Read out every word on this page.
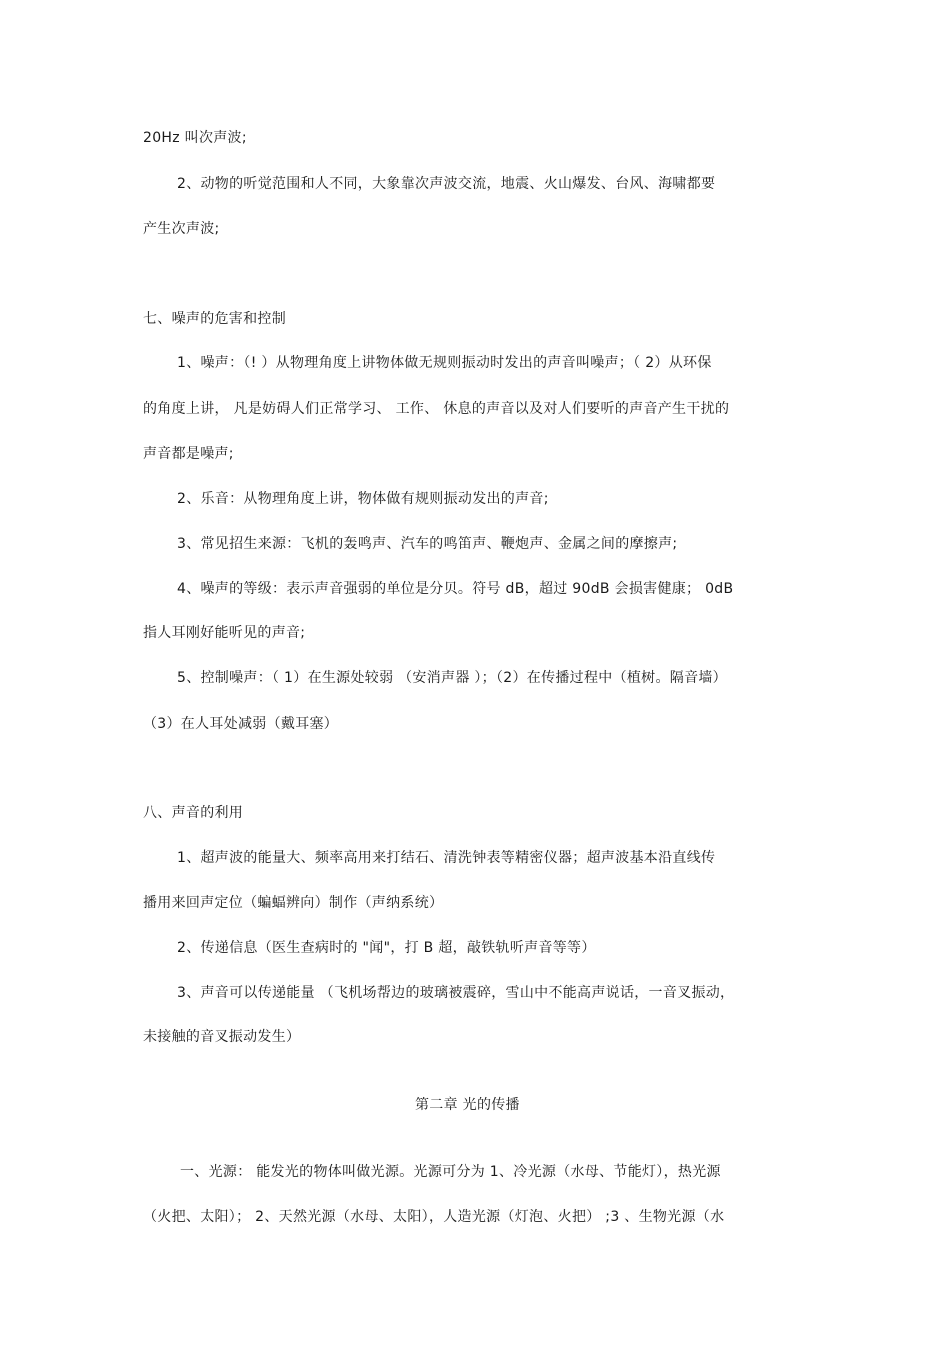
20Hz 叫次声波;
2、动物的听觉范围和人不同，大象靠次声波交流，地震、火山爆发、台风、海啸都要
产生次声波;
七、噪声的危害和控制
1、噪声：（! ）从物理角度上讲物体做无规则振动时发出的声音叫噪声；（ 2）从环保
的角度上讲， 凡是妨碍人们正常学习、 工作、 休息的声音以及对人们要听的声音产生干扰的
声音都是噪声;
2、乐音：从物理角度上讲，物体做有规则振动发出的声音;
3、常见招生来源：飞机的轰鸣声、汽车的鸣笛声、鞭炮声、金属之间的摩擦声;
4、噪声的等级：表示声音强弱的单位是分贝。符号 dB，超过 90dB 会损害健康； 0dB
指人耳刚好能听见的声音;
5、控制噪声：（ 1）在生源处较弱 （安消声器 ）；（2）在传播过程中（植树。隔音墙）
（3）在人耳处减弱（戴耳塞）
八、声音的利用
1、超声波的能量大、频率高用来打结石、清洗钟表等精密仪器；超声波基本沿直线传
播用来回声定位（蝙蝠辨向）制作（声纳系统）
2、传递信息（医生查病时的 "闻"，打 B 超，敲铁轨听声音等等）
3、声音可以传递能量 （飞机场帮边的玻璃被震碎，雪山中不能高声说话，一音叉振动，
未接触的音叉振动发生）
第二章 光的传播
一、光源： 能发光的物体叫做光源。光源可分为 1、冷光源（水母、节能灯），热光源
（火把、太阳）； 2、天然光源（水母、太阳），人造光源（灯泡、火把） ;3 、生物光源（水
